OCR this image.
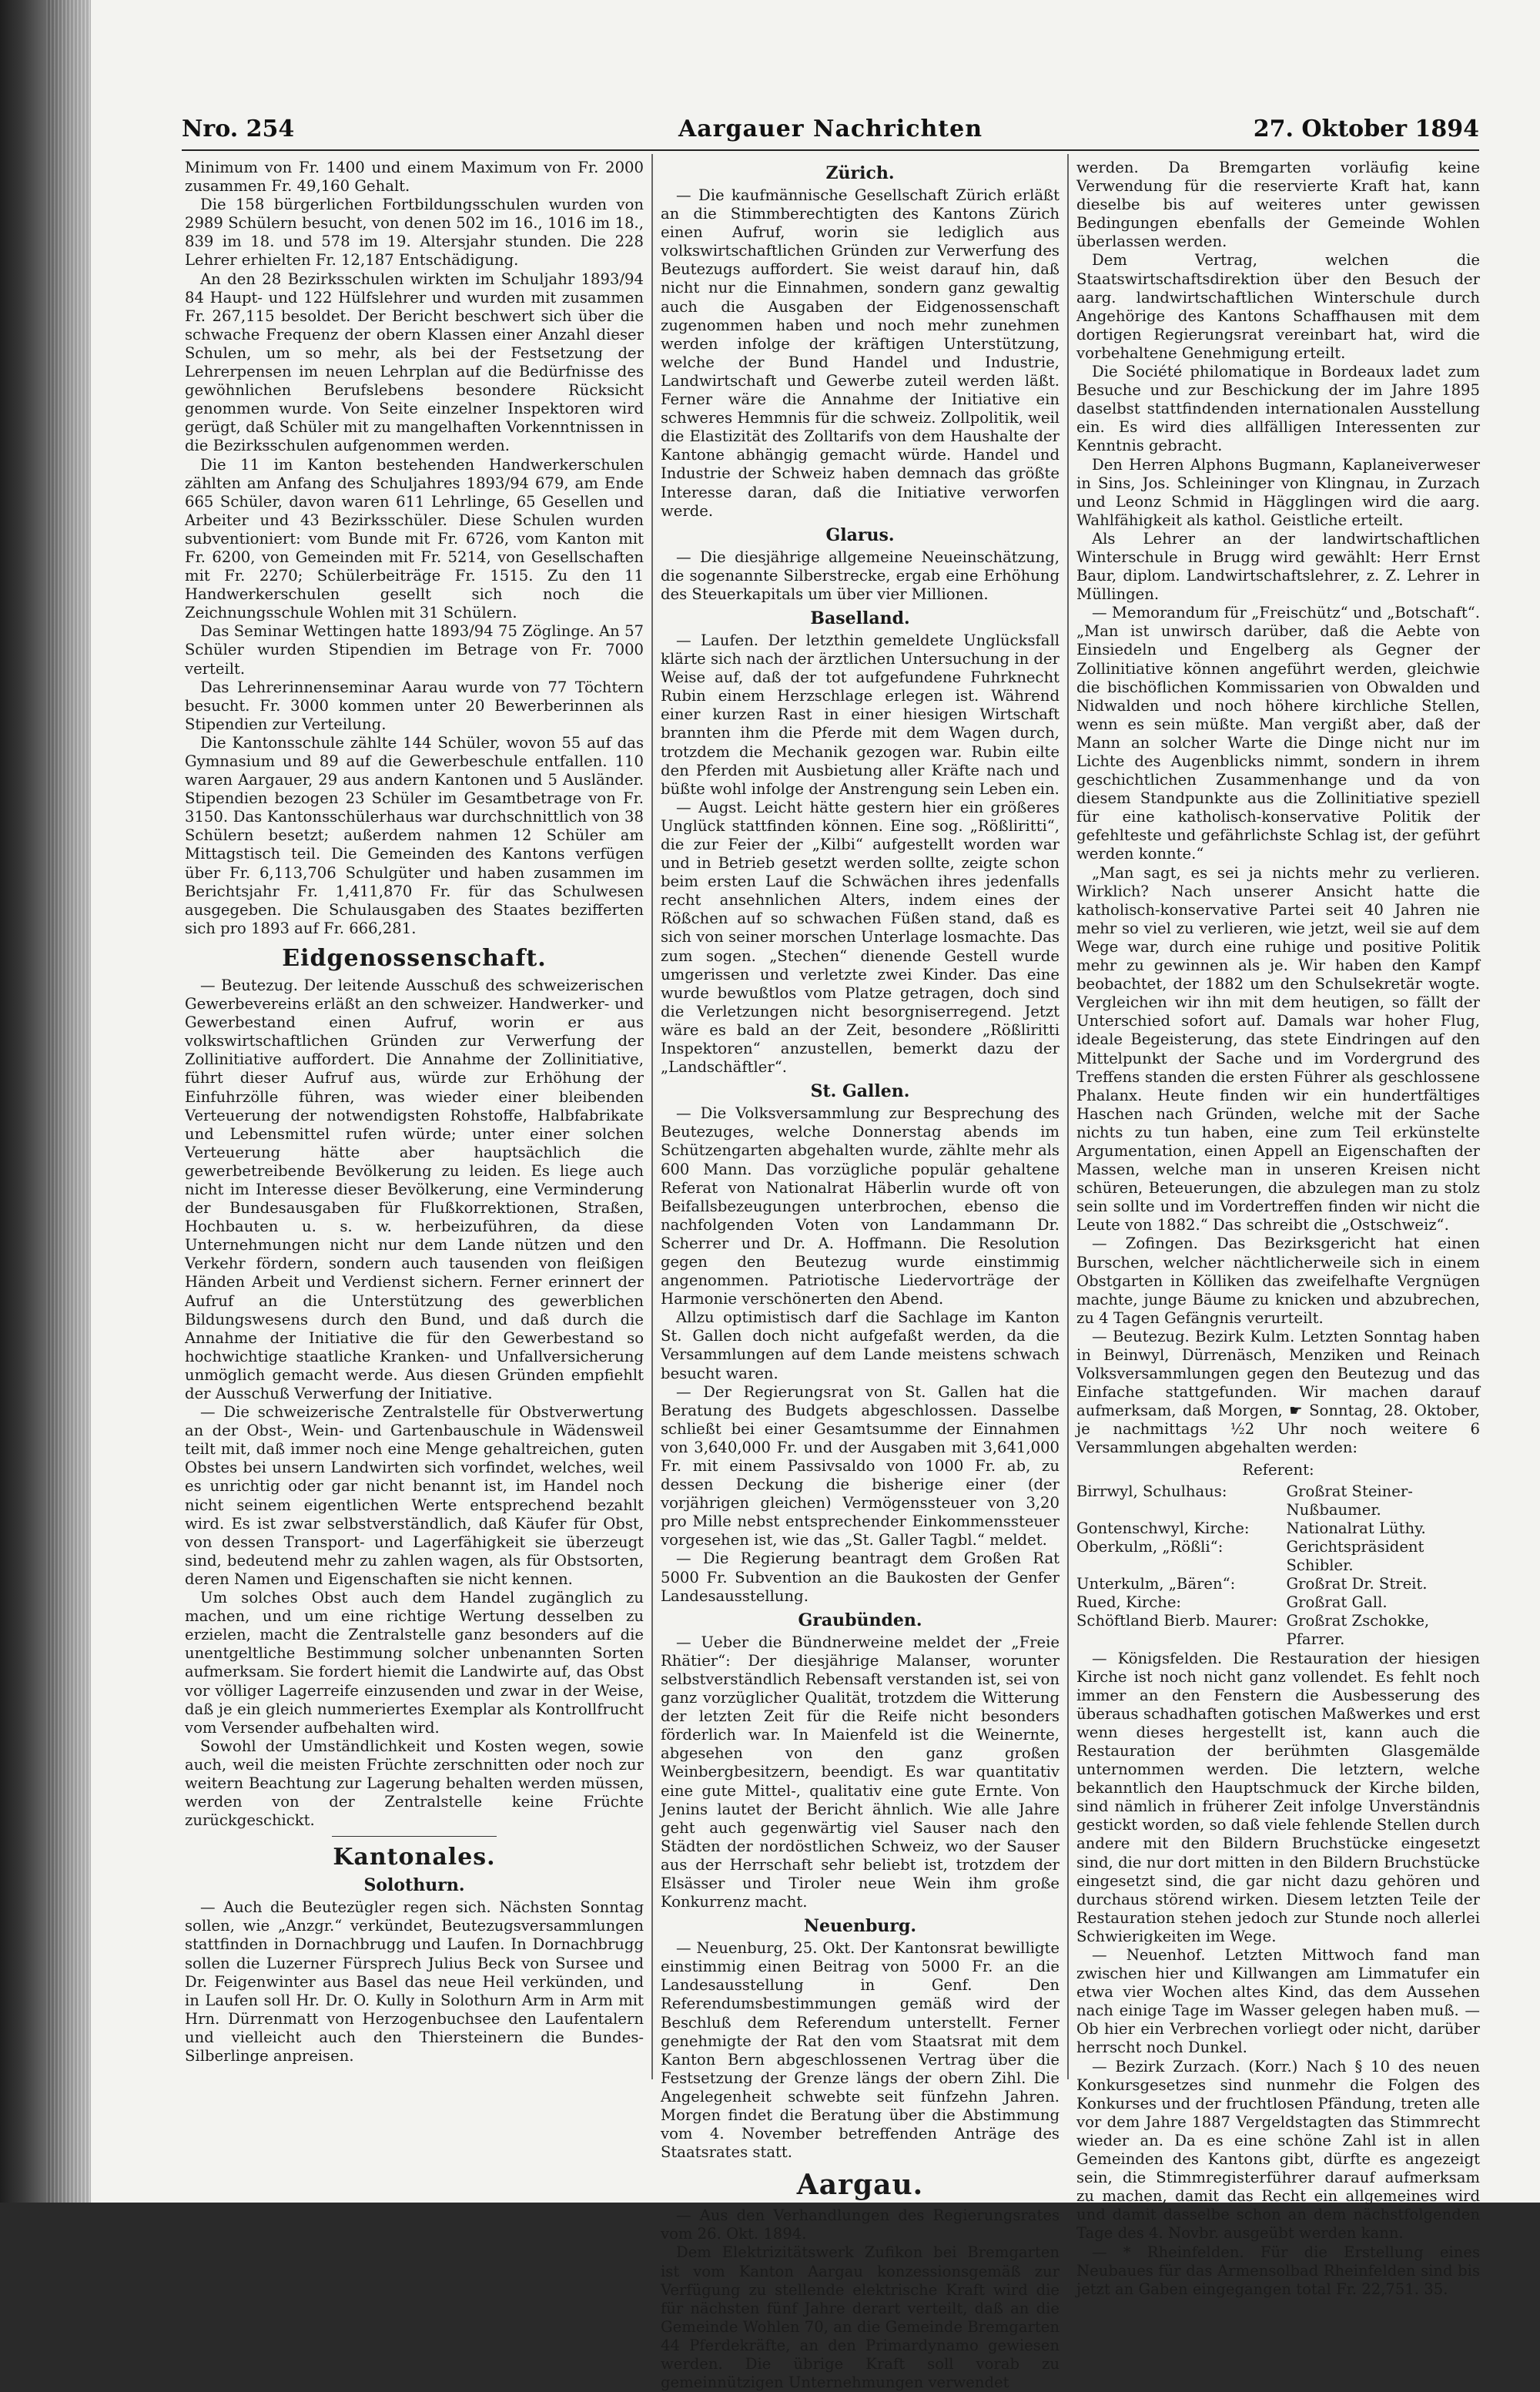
Nro. 254	Aargauer Nachrichten	27. Oktober 1894

Minimum von Fr. 1400 und einem Maximum von Fr. 2000 zusammen Fr. 49,160 Gehalt.

Die 158 bürgerlichen Fortbildungsschulen wurden von 2989 Schülern besucht, von denen 502 im 16., 1016 im 18., 839 im 18. und 578 im 19. Altersjahr stunden. Die 228 Lehrer erhielten Fr. 12,187 Entschädigung.

An den 28 Bezirksschulen wirkten im Schuljahr 1893/94 84 Haupt- und 122 Hülfslehrer und wurden mit zusammen Fr. 267,115 besoldet. Der Bericht beschwert sich über die schwache Frequenz der obern Klassen einer Anzahl dieser Schulen, um so mehr, als bei der Festsetzung der Lehrerpensen im neuen Lehrplan auf die Bedürfnisse des gewöhnlichen Berufslebens besondere Rücksicht genommen wurde. Von Seite einzelner Inspektoren wird gerügt, daß Schüler mit zu mangelhaften Vorkenntnissen in die Bezirksschulen aufgenommen werden.

Die 11 im Kanton bestehenden Handwerkerschulen zählten am Anfang des Schuljahres 1893/94 679, am Ende 665 Schüler, davon waren 611 Lehrlinge, 65 Gesellen und Arbeiter und 43 Bezirksschüler. Diese Schulen wurden subventioniert: vom Bunde mit Fr. 6726, vom Kanton mit Fr. 6200, von Gemeinden mit Fr. 5214, von Gesellschaften mit Fr. 2270; Schülerbeiträge Fr. 1515. Zu den 11 Handwerkerschulen gesellt sich noch die Zeichnungsschule Wohlen mit 31 Schülern.

Das Seminar Wettingen hatte 1893/94 75 Zöglinge. An 57 Schüler wurden Stipendien im Betrage von Fr. 7000 verteilt.

Das Lehrerinnenseminar Aarau wurde von 77 Töchtern besucht. Fr. 3000 kommen unter 20 Bewerberinnen als Stipendien zur Verteilung.

Die Kantonsschule zählte 144 Schüler, wovon 55 auf das Gymnasium und 89 auf die Gewerbeschule entfallen. 110 waren Aargauer, 29 aus andern Kantonen und 5 Ausländer. Stipendien bezogen 23 Schüler im Gesamtbetrage von Fr. 3150. Das Kantonsschülerhaus war durchschnittlich von 38 Schülern besetzt; außerdem nahmen 12 Schüler am Mittagstisch teil. Die Gemeinden des Kantons verfügen über Fr. 6,113,706 Schulgüter und haben zusammen im Berichtsjahr Fr. 1,411,870 Fr. für das Schulwesen ausgegeben. Die Schulausgaben des Staates bezifferten sich pro 1893 auf Fr. 666,281.

Eidgenossenschaft.

— Beutezug. Der leitende Ausschuß des schweizerischen Gewerbevereins erläßt an den schweizer. Handwerker- und Gewerbestand einen Aufruf, worin er aus volkswirtschaftlichen Gründen zur Verwerfung der Zollinitiative auffordert. Die Annahme der Zollinitiative, führt dieser Aufruf aus, würde zur Erhöhung der Einfuhrzölle führen, was wieder einer bleibenden Verteuerung der notwendigsten Rohstoffe, Halbfabrikate und Lebensmittel rufen würde; unter einer solchen Verteuerung hätte aber hauptsächlich die gewerbetreibende Bevölkerung zu leiden. Es liege auch nicht im Interesse dieser Bevölkerung, eine Verminderung der Bundesausgaben für Flußkorrektionen, Straßen, Hochbauten u. s. w. herbeizuführen, da diese Unternehmungen nicht nur dem Lande nützen und den Verkehr fördern, sondern auch tausenden von fleißigen Händen Arbeit und Verdienst sichern. Ferner erinnert der Aufruf an die Unterstützung des gewerblichen Bildungswesens durch den Bund, und daß durch die Annahme der Initiative die für den Gewerbestand so hochwichtige staatliche Kranken- und Unfallversicherung unmöglich gemacht werde. Aus diesen Gründen empfiehlt der Ausschuß Verwerfung der Initiative.

— Die schweizerische Zentralstelle für Obstverwertung an der Obst-, Wein- und Gartenbauschule in Wädensweil teilt mit, daß immer noch eine Menge gehaltreichen, guten Obstes bei unsern Landwirten sich vorfindet, welches, weil es unrichtig oder gar nicht benannt ist, im Handel noch nicht seinem eigentlichen Werte entsprechend bezahlt wird. Es ist zwar selbstverständlich, daß Käufer für Obst, von dessen Transport- und Lagerfähigkeit sie überzeugt sind, bedeutend mehr zu zahlen wagen, als für Obstsorten, deren Namen und Eigenschaften sie nicht kennen.

Um solches Obst auch dem Handel zugänglich zu machen, und um eine richtige Wertung desselben zu erzielen, macht die Zentralstelle ganz besonders auf die unentgeltliche Bestimmung solcher unbenannten Sorten aufmerksam. Sie fordert hiemit die Landwirte auf, das Obst vor völliger Lagerreife einzusenden und zwar in der Weise, daß je ein gleich nummeriertes Exemplar als Kontrollfrucht vom Versender aufbehalten wird.

Sowohl der Umständlichkeit und Kosten wegen, sowie auch, weil die meisten Früchte zerschnitten oder noch zur weitern Beachtung zur Lagerung behalten werden müssen, werden von der Zentralstelle keine Früchte zurückgeschickt.

Kantonales.
Solothurn.

— Auch die Beutezügler regen sich. Nächsten Sonntag sollen, wie „Anzgr.“ verkündet, Beutezugsversammlungen stattfinden in Dornachbrugg und Laufen. In Dornachbrugg sollen die Luzerner Fürsprech Julius Beck von Sursee und Dr. Feigenwinter aus Basel das neue Heil verkünden, und in Laufen soll Hr. Dr. O. Kully in Solothurn Arm in Arm mit Hrn. Dürrenmatt von Herzogenbuchsee den Laufentalern und vielleicht auch den Thiersteinern die Bundes-Silberlinge anpreisen.

Zürich.

— Die kaufmännische Gesellschaft Zürich erläßt an die Stimmberechtigten des Kantons Zürich einen Aufruf, worin sie lediglich aus volkswirtschaftlichen Gründen zur Verwerfung des Beutezugs auffordert. Sie weist darauf hin, daß nicht nur die Einnahmen, sondern ganz gewaltig auch die Ausgaben der Eidgenossenschaft zugenommen haben und noch mehr zunehmen werden infolge der kräftigen Unterstützung, welche der Bund Handel und Industrie, Landwirtschaft und Gewerbe zuteil werden läßt. Ferner wäre die Annahme der Initiative ein schweres Hemmnis für die schweiz. Zollpolitik, weil die Elastizität des Zolltarifs von dem Haushalte der Kantone abhängig gemacht würde. Handel und Industrie der Schweiz haben demnach das größte Interesse daran, daß die Initiative verworfen werde.

Glarus.

— Die diesjährige allgemeine Neueinschätzung, die sogenannte Silberstrecke, ergab eine Erhöhung des Steuerkapitals um über vier Millionen.

Baselland.

— Laufen. Der letzthin gemeldete Unglücksfall klärte sich nach der ärztlichen Untersuchung in der Weise auf, daß der tot aufgefundene Fuhrknecht Rubin einem Herzschlage erlegen ist. Während einer kurzen Rast in einer hiesigen Wirtschaft brannten ihm die Pferde mit dem Wagen durch, trotzdem die Mechanik gezogen war. Rubin eilte den Pferden mit Ausbietung aller Kräfte nach und büßte wohl infolge der Anstrengung sein Leben ein.

— Augst. Leicht hätte gestern hier ein größeres Unglück stattfinden können. Eine sog. „Rößliritti“, die zur Feier der „Kilbi“ aufgestellt worden war und in Betrieb gesetzt werden sollte, zeigte schon beim ersten Lauf die Schwächen ihres jedenfalls recht ansehnlichen Alters, indem eines der Rößchen auf so schwachen Füßen stand, daß es sich von seiner morschen Unterlage losmachte. Das zum sogen. „Stechen“ dienende Gestell wurde umgerissen und verletzte zwei Kinder. Das eine wurde bewußtlos vom Platze getragen, doch sind die Verletzungen nicht besorgniserregend. Jetzt wäre es bald an der Zeit, besondere „Rößliritti Inspektoren“ anzustellen, bemerkt dazu der „Landschäftler“.

St. Gallen.

— Die Volksversammlung zur Besprechung des Beutezuges, welche Donnerstag abends im Schützengarten abgehalten wurde, zählte mehr als 600 Mann. Das vorzügliche populär gehaltene Referat von Nationalrat Häberlin wurde oft von Beifallsbezeugungen unterbrochen, ebenso die nachfolgenden Voten von Landammann Dr. Scherrer und Dr. A. Hoffmann. Die Resolution gegen den Beutezug wurde einstimmig angenommen. Patriotische Liedervorträge der Harmonie verschönerten den Abend.

Allzu optimistisch darf die Sachlage im Kanton St. Gallen doch nicht aufgefaßt werden, da die Versammlungen auf dem Lande meistens schwach besucht waren.

— Der Regierungsrat von St. Gallen hat die Beratung des Budgets abgeschlossen. Dasselbe schließt bei einer Gesamtsumme der Einnahmen von 3,640,000 Fr. und der Ausgaben mit 3,641,000 Fr. mit einem Passivsaldo von 1000 Fr. ab, zu dessen Deckung die bisherige einer (der vorjährigen gleichen) Vermögenssteuer von 3,20 pro Mille nebst entsprechender Einkommenssteuer vorgesehen ist, wie das „St. Galler Tagbl.“ meldet.

— Die Regierung beantragt dem Großen Rat 5000 Fr. Subvention an die Baukosten der Genfer Landesausstellung.

Graubünden.

— Ueber die Bündnerweine meldet der „Freie Rhätier“: Der diesjährige Malanser, worunter selbstverständlich Rebensaft verstanden ist, sei von ganz vorzüglicher Qualität, trotzdem die Witterung der letzten Zeit für die Reife nicht besonders förderlich war. In Maienfeld ist die Weinernte, abgesehen von den ganz großen Weinbergbesitzern, beendigt. Es war quantitativ eine gute Mittel-, qualitativ eine gute Ernte. Von Jenins lautet der Bericht ähnlich. Wie alle Jahre geht auch gegenwärtig viel Sauser nach den Städten der nordöstlichen Schweiz, wo der Sauser aus der Herrschaft sehr beliebt ist, trotzdem der Elsässer und Tiroler neue Wein ihm große Konkurrenz macht.

Neuenburg.

— Neuenburg, 25. Okt. Der Kantonsrat bewilligte einstimmig einen Beitrag von 5000 Fr. an die Landesausstellung in Genf. Den Referendumsbestimmungen gemäß wird der Beschluß dem Referendum unterstellt. Ferner genehmigte der Rat den vom Staatsrat mit dem Kanton Bern abgeschlossenen Vertrag über die Festsetzung der Grenze längs der obern Zihl. Die Angelegenheit schwebte seit fünfzehn Jahren. Morgen findet die Beratung über die Abstimmung vom 4. November betreffenden Anträge des Staatsrates statt.

Aargau.

— Aus den Verhandlungen des Regierungsrates vom 26. Okt. 1894.

Dem Elektrizitätswerk Zufikon bei Bremgarten ist vom Kanton Aargau konzessionsgemäß zur Verfügung zu stellende elektrische Kraft wird die für nächsten fünf Jahre derart verteilt, daß an die Gemeinde Wohlen 70, an die Gemeinde Bremgarten 44 Pferdekräfte, an den Primardynamo gewiesen werden. Die übrige Kraft soll vorab zu gemeinnützigen Unternehmungen verwendet

werden. Da Bremgarten vorläufig keine Verwendung für die reservierte Kraft hat, kann dieselbe bis auf weiteres unter gewissen Bedingungen ebenfalls der Gemeinde Wohlen überlassen werden.

Dem Vertrag, welchen die Staatswirtschaftsdirektion über den Besuch der aarg. landwirtschaftlichen Winterschule durch Angehörige des Kantons Schaffhausen mit dem dortigen Regierungsrat vereinbart hat, wird die vorbehaltene Genehmigung erteilt.

Die Société philomatique in Bordeaux ladet zum Besuche und zur Beschickung der im Jahre 1895 daselbst stattfindenden internationalen Ausstellung ein. Es wird dies allfälligen Interessenten zur Kenntnis gebracht.

Den Herren Alphons Bugmann, Kaplaneiverweser in Sins, Jos. Schleininger von Klingnau, in Zurzach und Leonz Schmid in Hägglingen wird die aarg. Wahlfähigkeit als kathol. Geistliche erteilt.

Als Lehrer an der landwirtschaftlichen Winterschule in Brugg wird gewählt: Herr Ernst Baur, diplom. Landwirtschaftslehrer, z. Z. Lehrer in Müllingen.

— Memorandum für „Freischütz“ und „Botschaft“. „Man ist unwirsch darüber, daß die Aebte von Einsiedeln und Engelberg als Gegner der Zollinitiative können angeführt werden, gleichwie die bischöflichen Kommissarien von Obwalden und Nidwalden und noch höhere kirchliche Stellen, wenn es sein müßte. Man vergißt aber, daß der Mann an solcher Warte die Dinge nicht nur im Lichte des Augenblicks nimmt, sondern in ihrem geschichtlichen Zusammenhange und da von diesem Standpunkte aus die Zollinitiative speziell für eine katholisch-konservative Politik der gefehlteste und gefährlichste Schlag ist, der geführt werden konnte.“

„Man sagt, es sei ja nichts mehr zu verlieren. Wirklich? Nach unserer Ansicht hatte die katholisch-konservative Partei seit 40 Jahren nie mehr so viel zu verlieren, wie jetzt, weil sie auf dem Wege war, durch eine ruhige und positive Politik mehr zu gewinnen als je. Wir haben den Kampf beobachtet, der 1882 um den Schulsekretär wogte. Vergleichen wir ihn mit dem heutigen, so fällt der Unterschied sofort auf. Damals war hoher Flug, ideale Begeisterung, das stete Eindringen auf den Mittelpunkt der Sache und im Vordergrund des Treffens standen die ersten Führer als geschlossene Phalanx. Heute finden wir ein hundertfältiges Haschen nach Gründen, welche mit der Sache nichts zu tun haben, eine zum Teil erkünstelte Argumentation, einen Appell an Eigenschaften der Massen, welche man in unseren Kreisen nicht schüren, Beteuerungen, die abzulegen man zu stolz sein sollte und im Vordertreffen finden wir nicht die Leute von 1882.“ Das schreibt die „Ostschweiz“.

— Zofingen. Das Bezirksgericht hat einen Burschen, welcher nächtlicherweile sich in einem Obstgarten in Kölliken das zweifelhafte Vergnügen machte, junge Bäume zu knicken und abzubrechen, zu 4 Tagen Gefängnis verurteilt.

— Beutezug. Bezirk Kulm. Letzten Sonntag haben in Beinwyl, Dürrenäsch, Menziken und Reinach Volksversammlungen gegen den Beutezug und das Einfache stattgefunden. Wir machen darauf aufmerksam, daß Morgen, ☛ Sonntag, 28. Oktober, je nachmittags ½2 Uhr noch weitere 6 Versammlungen abgehalten werden:

Referent:
Birrwyl, Schulhaus:	Großrat Steiner-Nußbaumer.
Gontenschwyl, Kirche:	Nationalrat Lüthy.
Oberkulm, „Rößli“:	Gerichtspräsident Schibler.
Unterkulm, „Bären“:	Großrat Dr. Streit.
Rued, Kirche:	Großrat Gall.
Schöftland Bierb. Maurer:	Großrat Zschokke, Pfarrer.

— Königsfelden. Die Restauration der hiesigen Kirche ist noch nicht ganz vollendet. Es fehlt noch immer an den Fenstern die Ausbesserung des überaus schadhaften gotischen Maßwerkes und erst wenn dieses hergestellt ist, kann auch die Restauration der berühmten Glasgemälde unternommen werden. Die letztern, welche bekanntlich den Hauptschmuck der Kirche bilden, sind nämlich in früherer Zeit infolge Unverständnis gestickt worden, so daß viele fehlende Stellen durch andere mit den Bildern Bruchstücke eingesetzt sind, die nur dort mitten in den Bildern Bruchstücke eingesetzt sind, die gar nicht dazu gehören und durchaus störend wirken. Diesem letzten Teile der Restauration stehen jedoch zur Stunde noch allerlei Schwierigkeiten im Wege.

— Neuenhof. Letzten Mittwoch fand man zwischen hier und Killwangen am Limmatufer ein etwa vier Wochen altes Kind, das dem Aussehen nach einige Tage im Wasser gelegen haben muß. — Ob hier ein Verbrechen vorliegt oder nicht, darüber herrscht noch Dunkel.

— Bezirk Zurzach. (Korr.) Nach § 10 des neuen Konkursgesetzes sind nunmehr die Folgen des Konkurses und der fruchtlosen Pfändung, treten alle vor dem Jahre 1887 Vergeldstagten das Stimmrecht wieder an. Da es eine schöne Zahl ist in allen Gemeinden des Kantons gibt, dürfte es angezeigt sein, die Stimmregisterführer darauf aufmerksam zu machen, damit das Recht ein allgemeines wird und damit dasselbe schon an dem nächstfolgenden Tage des 4. Novbr. ausgeübt werden kann.

— * Rheinfelden. Für die Erstellung eines Neubaues für das Armensolbad Rheinfelden sind bis jetzt an Gaben eingegangen total Fr. 22,751. 35.
